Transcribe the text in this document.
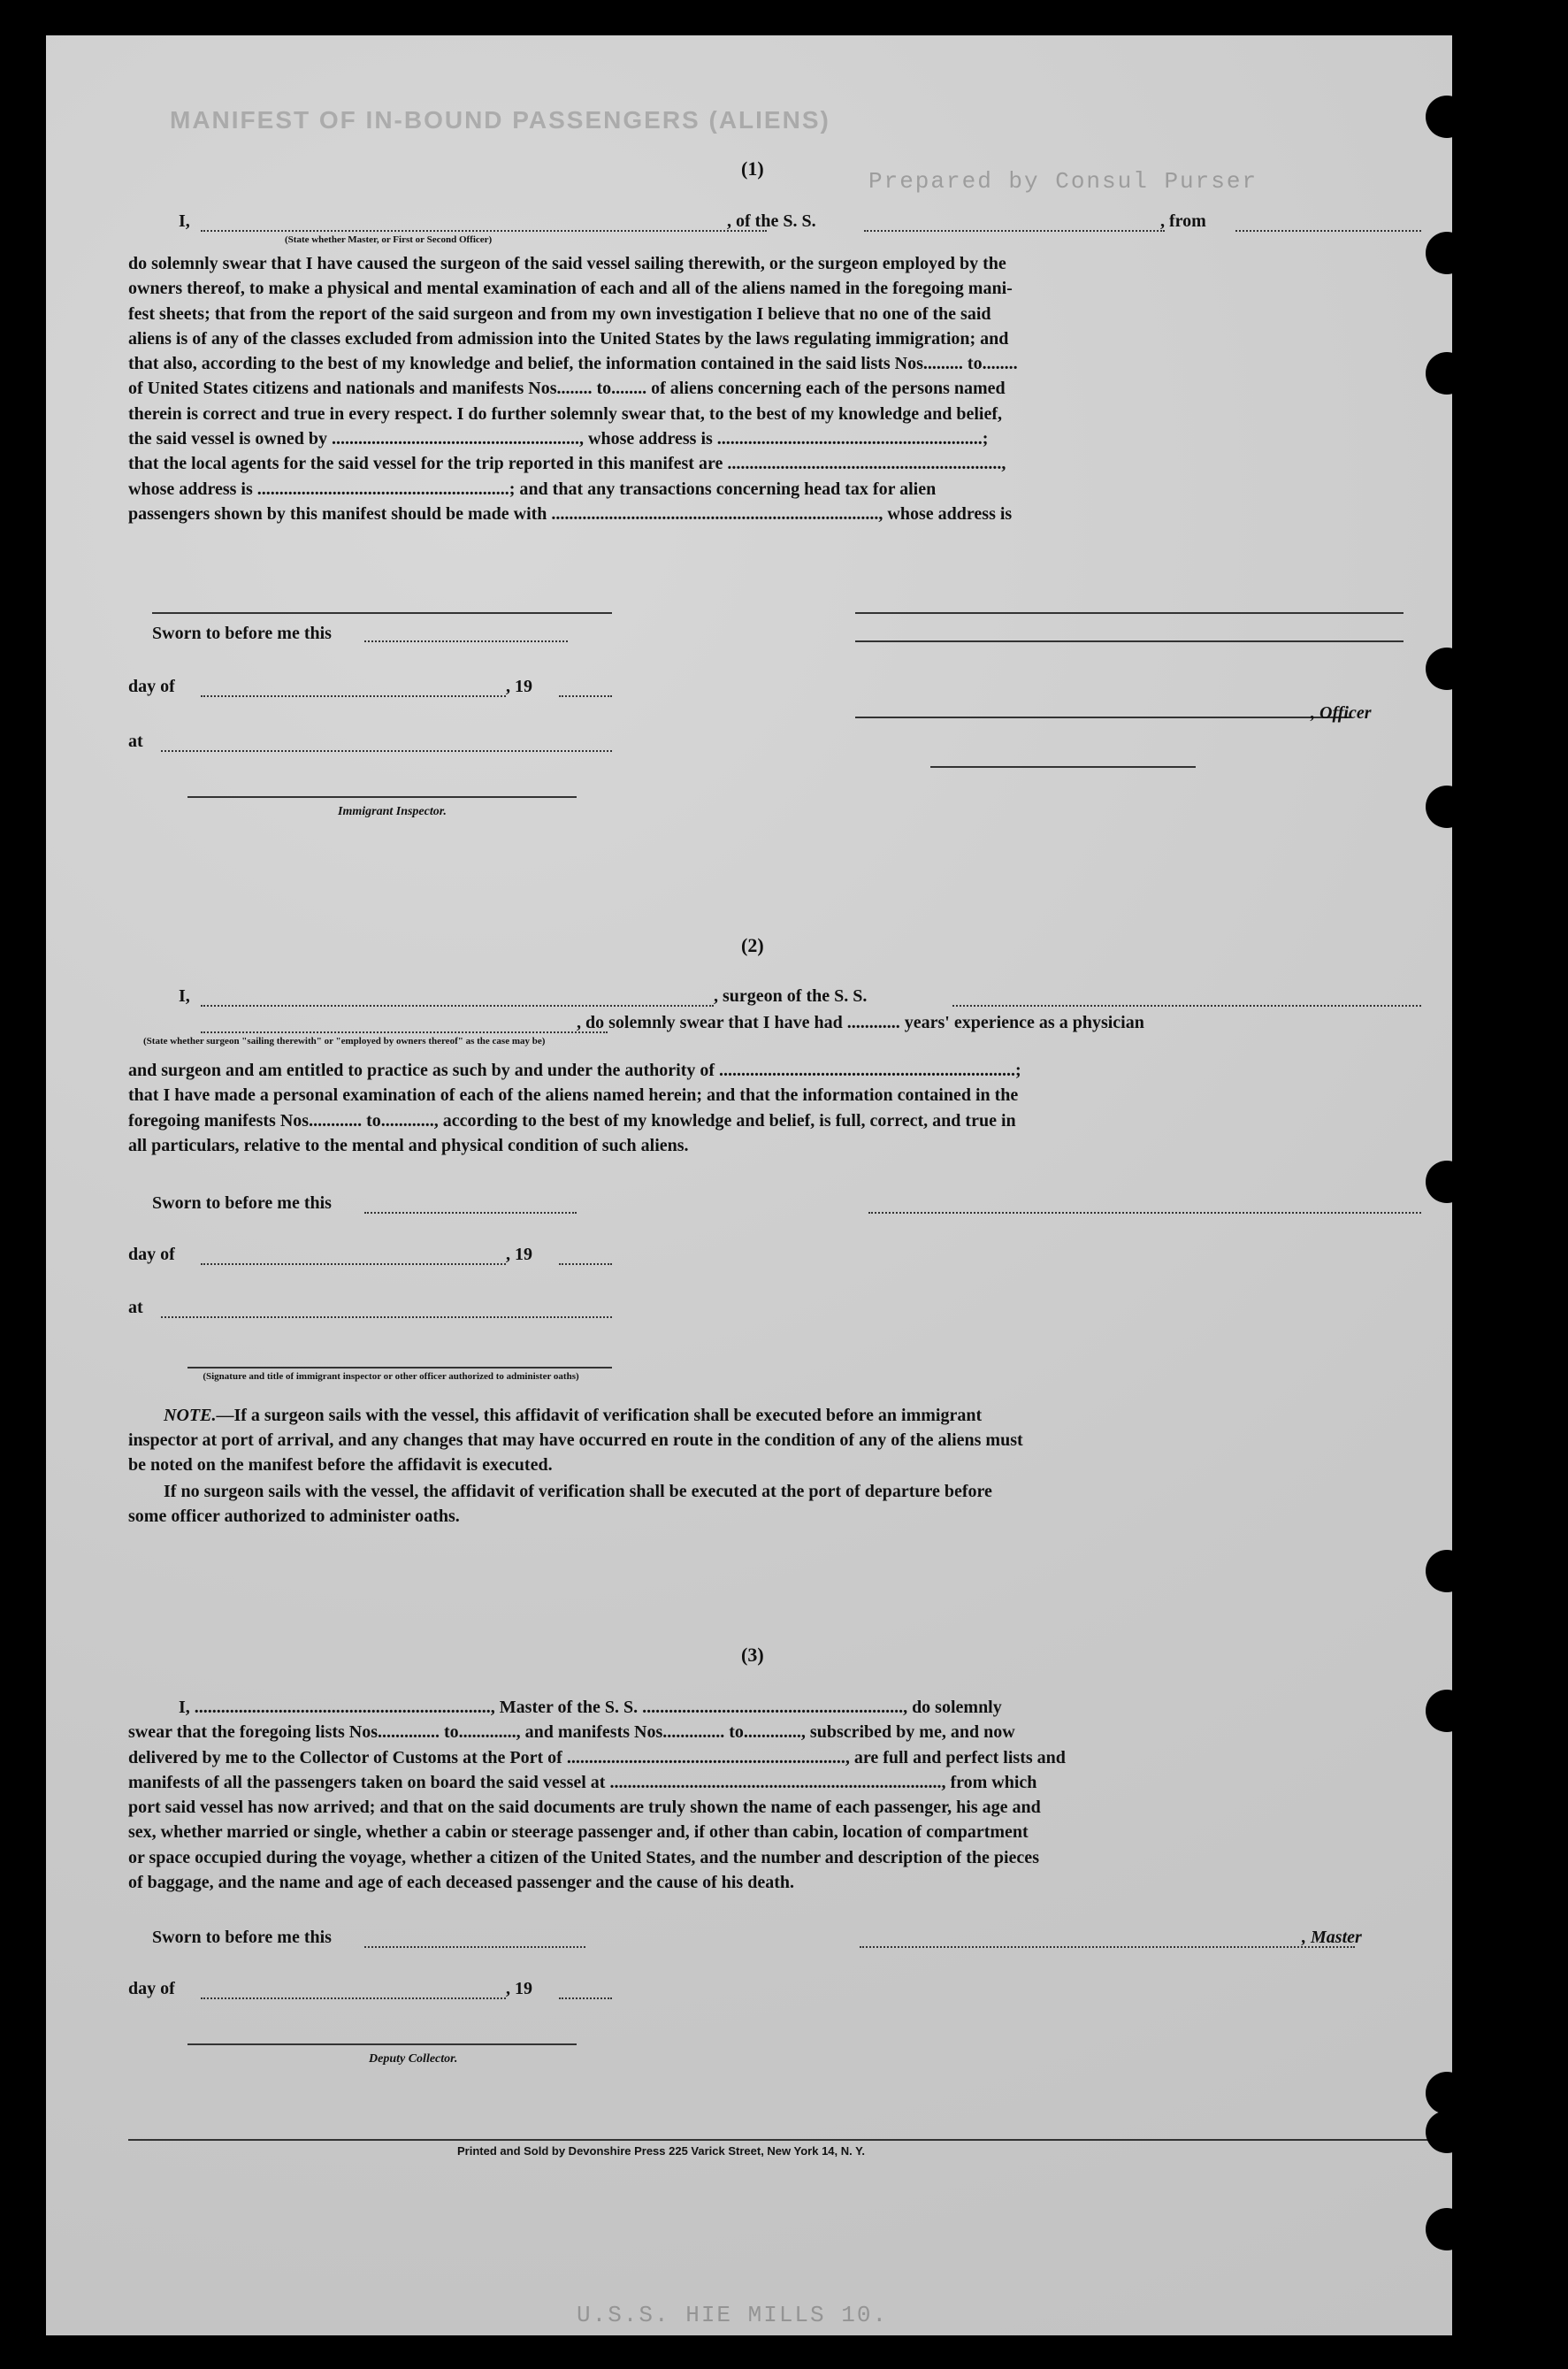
MANIFEST OF IN-BOUND PASSENGERS (ALIENS)
Prepared by Consul Purser
U.S.S. HIE MILLS 10.
(1)
I,	, of the S. S.	, from
(State whether Master, or First or Second Officer)
do solemnly swear that I have caused the surgeon of the said vessel sailing therewith, or the surgeon employed by the
owners thereof, to make a physical and mental examination of each and all of the aliens named in the foregoing mani-
fest sheets; that from the report of the said surgeon and from my own investigation I believe that no one of the said
aliens is of any of the classes excluded from admission into the United States by the laws regulating immigration; and
that also, according to the best of my knowledge and belief, the information contained in the said lists Nos......... to........
of United States citizens and nationals and manifests Nos........ to........ of aliens concerning each of the persons named
therein is correct and true in every respect. I do further solemnly swear that, to the best of my knowledge and belief,
the said vessel is owned by ........................................................, whose address is ............................................................;
that the local agents for the said vessel for the trip reported in this manifest are ..............................................................,
whose address is .........................................................; and that any transactions concerning head tax for alien
passengers shown by this manifest should be made with .........................................................................., whose address is
Sworn to before me this
day of	, 19
, Officer
at
Immigrant Inspector.
(2)
I,	, surgeon of the S. S.
, do solemnly swear that I have had ............ years' experience as a physician
(State whether surgeon "sailing therewith" or "employed by owners thereof" as the case may be)
and surgeon and am entitled to practice as such by and under the authority of ...................................................................;
that I have made a personal examination of each of the aliens named herein; and that the information contained in the
foregoing manifests Nos............ to............, according to the best of my knowledge and belief, is full, correct, and true in
all particulars, relative to the mental and physical condition of such aliens.
Sworn to before me this
day of	, 19
at
(Signature and title of immigrant inspector or other officer authorized to administer oaths)
NOTE.—If a surgeon sails with the vessel, this affidavit of verification shall be executed before an immigrant
inspector at port of arrival, and any changes that may have occurred en route in the condition of any of the aliens must
be noted on the manifest before the affidavit is executed.
If no surgeon sails with the vessel, the affidavit of verification shall be executed at the port of departure before
some officer authorized to administer oaths.
(3)
I, ..................................................................., Master of the S. S. ..........................................................., do solemnly
swear that the foregoing lists Nos.............. to............., and manifests Nos.............. to............., subscribed by me, and now
delivered by me to the Collector of Customs at the Port of ..............................................................., are full and perfect lists and
manifests of all the passengers taken on board the said vessel at ..........................................................................., from which
port said vessel has now arrived; and that on the said documents are truly shown the name of each passenger, his age and
sex, whether married or single, whether a cabin or steerage passenger and, if other than cabin, location of compartment
or space occupied during the voyage, whether a citizen of the United States, and the number and description of the pieces
of baggage, and the name and age of each deceased passenger and the cause of his death.
Sworn to before me this	, Master
day of	, 19
Deputy Collector.
Printed and Sold by Devonshire Press 225 Varick Street, New York 14, N. Y.
